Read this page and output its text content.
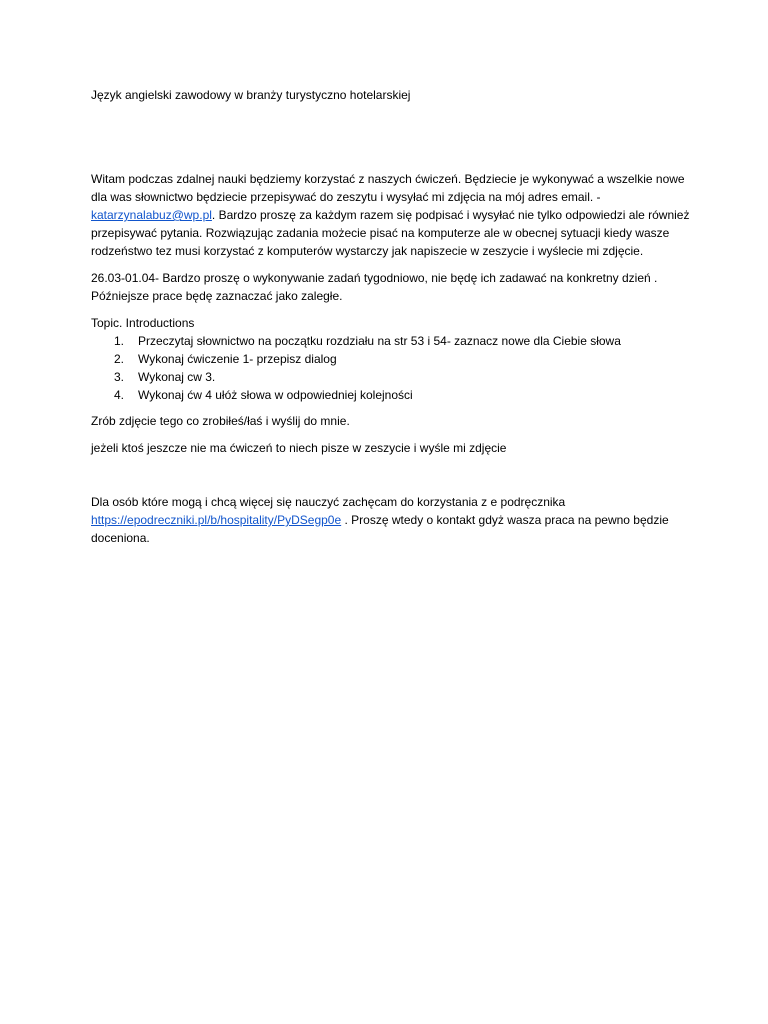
Język angielski zawodowy w branży turystyczno hotelarskiej

Witam podczas zdalnej nauki będziemy korzystać z naszych ćwiczeń. Będziecie je wykonywać a wszelkie nowe dla was słownictwo będziecie przepisywać do zeszytu i wysyłać mi zdjęcia na mój adres email. - katarzynalabuz@wp.pl. Bardzo proszę za każdym razem się podpisać i wysyłać nie tylko odpowiedzi ale również przepisywać pytania. Rozwiązując zadania możecie pisać na komputerze ale w obecnej sytuacji kiedy wasze rodzeństwo tez musi korzystać z komputerów wystarczy jak napiszecie w zeszycie i wyślecie mi zdjęcie.

26.03-01.04- Bardzo proszę o wykonywanie zadań tygodniowo, nie będę ich zadawać na konkretny dzień . Późniejsze prace będę zaznaczać jako zaległe.

Topic. Introductions

1. Przeczytaj słownictwo na początku rozdziału na str 53 i 54- zaznacz nowe dla Ciebie słowa
2. Wykonaj ćwiczenie 1- przepisz dialog
3. Wykonaj cw 3.
4. Wykonaj ćw 4 ułóż słowa w odpowiedniej kolejności

Zrób zdjęcie tego co zrobiłeś/łaś i wyślij do mnie.

jeżeli ktoś jeszcze nie ma ćwiczeń to niech pisze w zeszycie i wyśle mi zdjęcie

Dla osób które mogą i chcą więcej się nauczyć zachęcam do korzystania z e podręcznika https://epodreczniki.pl/b/hospitality/PyDSegp0e . Proszę wtedy o kontakt gdyż wasza praca na pewno będzie doceniona.
